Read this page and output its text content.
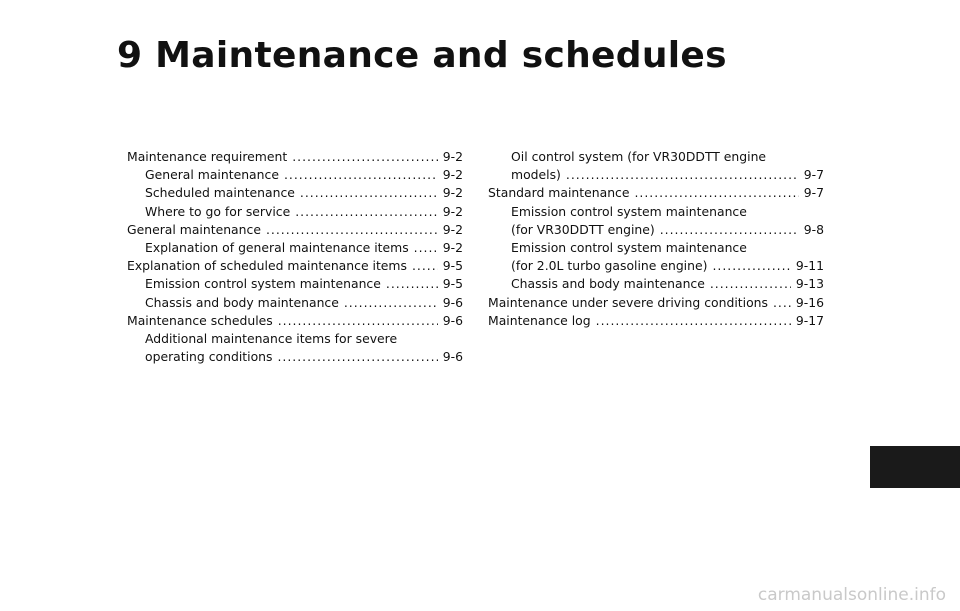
9 Maintenance and schedules
Maintenance requirement .....	9-2
General maintenance .....	9-2
Scheduled maintenance .....	9-2
Where to go for service .....	9-2
General maintenance .....	9-2
Explanation of general maintenance items .....	9-2
Explanation of scheduled maintenance items .....	9-5
Emission control system maintenance .....	9-5
Chassis and body maintenance .....	9-6
Maintenance schedules .....	9-6
Additional maintenance items for severe
operating conditions .....	9-6
Oil control system (for VR30DDTT engine
models) .....	9-7
Standard maintenance .....	9-7
Emission control system maintenance
(for VR30DDTT engine) .....	9-8
Emission control system maintenance
(for 2.0L turbo gasoline engine) .....	9-11
Chassis and body maintenance .....	9-13
Maintenance under severe driving conditions ..... 9-16
Maintenance log .....	9-17
carmanualsonline.info
